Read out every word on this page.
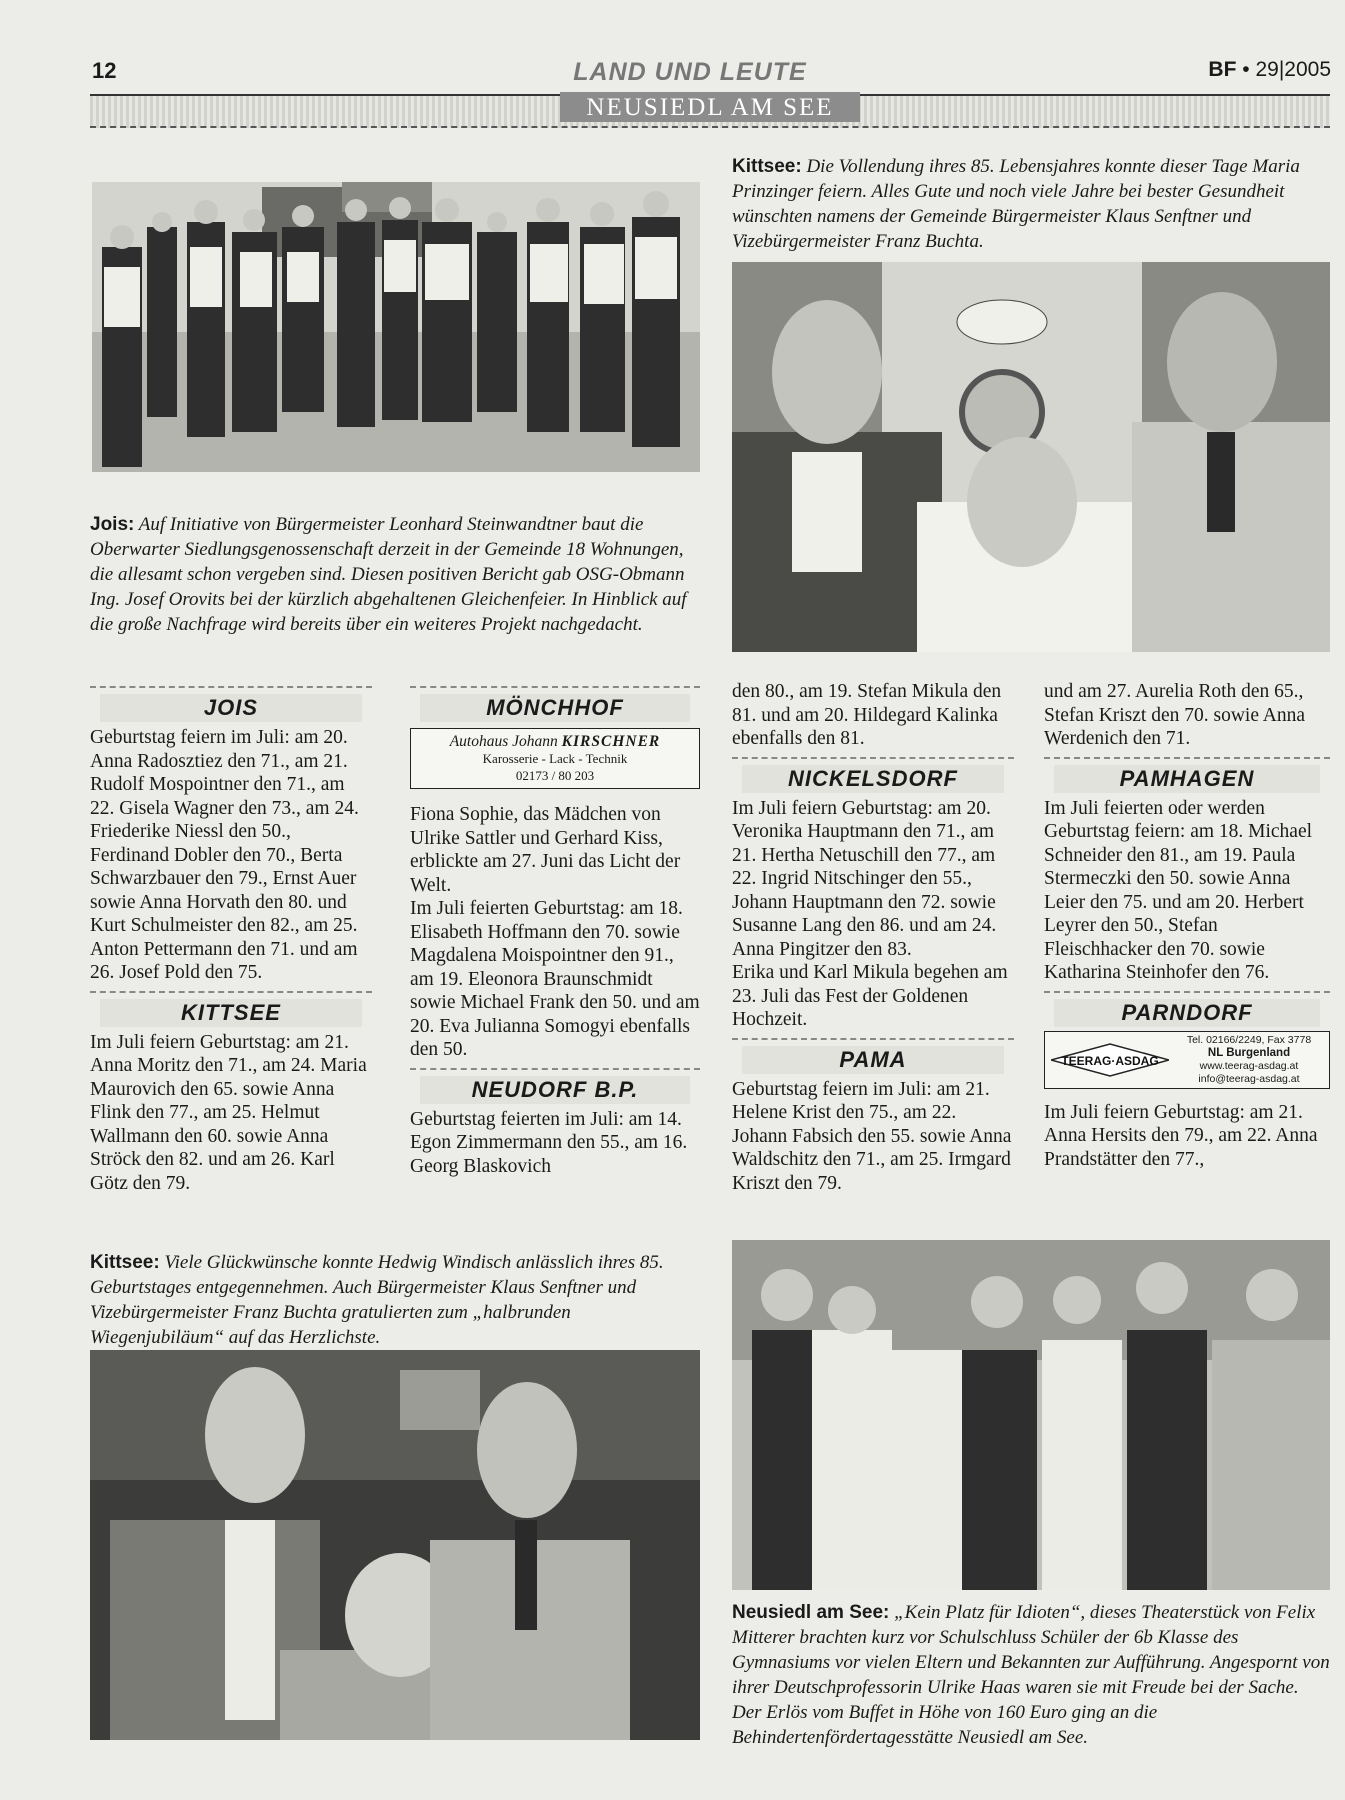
12	LAND UND LEUTE	BF • 29|2005
NEUSIEDL AM SEE
Jois: Auf Initiative von Bürgermeister Leonhard Steinwandtner baut die Oberwarter Siedlungsgenossenschaft derzeit in der Gemeinde 18 Wohnungen, die allesamt schon vergeben sind. Diesen positiven Bericht gab OSG-Obmann Ing. Josef Orovits bei der kürzlich abgehaltenen Gleichenfeier. In Hinblick auf die große Nachfrage wird bereits über ein weiteres Projekt nachgedacht.
Kittsee: Die Vollendung ihres 85. Lebensjahres konnte dieser Tage Maria Prinzinger feiern. Alles Gute und noch viele Jahre bei bester Gesundheit wünschten namens der Gemeinde Bürgermeister Klaus Senftner und Vizebürgermeister Franz Buchta.
JOIS

Geburtstag feiern im Juli: am 20. Anna Radosztiez den 71., am 21. Rudolf Mospointner den 71., am 22. Gisela Wagner den 73., am 24. Friederike Niessl den 50., Ferdinand Dobler den 70., Berta Schwarzbauer den 79., Ernst Auer sowie Anna Horvath den 80. und Kurt Schulmeister den 82., am 25. Anton Pettermann den 71. und am 26. Josef Pold den 75.

KITTSEE

Im Juli feiern Geburtstag: am 21. Anna Moritz den 71., am 24. Maria Maurovich den 65. sowie Anna Flink den 77., am 25. Helmut Wallmann den 60. sowie Anna Ströck den 82. und am 26. Karl Götz den 79.

MÖNCHHOF
Autohaus Johann KIRSCHNER
Karosserie - Lack - Technik
02173 / 80 203

Fiona Sophie, das Mädchen von Ulrike Sattler und Gerhard Kiss, erblickte am 27. Juni das Licht der Welt.

Im Juli feierten Geburtstag: am 18. Elisabeth Hoffmann den 70. sowie Magdalena Moispointner den 91., am 19. Eleonora Braunschmidt sowie Michael Frank den 50. und am 20. Eva Julianna Somogyi ebenfalls den 50.

NEUDORF B.P.

Geburtstag feierten im Juli: am 14. Egon Zimmermann den 55., am 16. Georg Blaskovich

den 80., am 19. Stefan Mikula den 81. und am 20. Hildegard Kalinka ebenfalls den 81.

NICKELSDORF

Im Juli feiern Geburtstag: am 20. Veronika Hauptmann den 71., am 21. Hertha Netuschill den 77., am 22. Ingrid Nitschinger den 55., Johann Hauptmann den 72. sowie Susanne Lang den 86. und am 24. Anna Pingitzer den 83.

Erika und Karl Mikula begehen am 23. Juli das Fest der Goldenen Hochzeit.

PAMA

Geburtstag feiern im Juli: am 21. Helene Krist den 75., am 22. Johann Fabsich den 55. sowie Anna Waldschitz den 71., am 25. Irmgard Kriszt den 79.

und am 27. Aurelia Roth den 65., Stefan Kriszt den 70. sowie Anna Werdenich den 71.

PAMHAGEN

Im Juli feierten oder werden Geburtstag feiern: am 18. Michael Schneider den 81., am 19. Paula Stermeczki den 50. sowie Anna Leier den 75. und am 20. Herbert Leyrer den 50., Stefan Fleischhacker den 70. sowie Katharina Steinhofer den 76.

PARNDORF
TEERAG·ASDAG
Tel. 02166/2249, Fax 3778
NL Burgenland
www.teerag-asdag.at
info@teerag-asdag.at

Im Juli feiern Geburtstag: am 21. Anna Hersits den 79., am 22. Anna Prandstätter den 77.,

Kittsee: Viele Glückwünsche konnte Hedwig Windisch anlässlich ihres 85. Geburtstages entgegennehmen. Auch Bürgermeister Klaus Senftner und Vizebürgermeister Franz Buchta gratulierten zum „halbrunden Wiegenjubiläum“ auf das Herzlichste.
Neusiedl am See: „Kein Platz für Idioten“, dieses Theaterstück von Felix Mitterer brachten kurz vor Schulschluss Schüler der 6b Klasse des Gymnasiums vor vielen Eltern und Bekannten zur Aufführung. Angespornt von ihrer Deutschprofessorin Ulrike Haas waren sie mit Freude bei der Sache. Der Erlös vom Buffet in Höhe von 160 Euro ging an die Behindertenfördertagesstätte Neusiedl am See.
